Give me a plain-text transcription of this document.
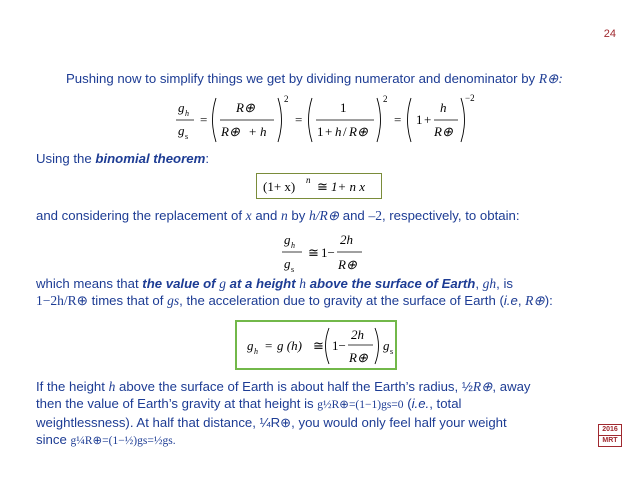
24
Pushing now to simplify things we get by dividing numerator and denominator by R⊕:
g h
g s
=
R⊕
R⊕ + h
2
=
1
1 + h / R⊕
2
= 1 +
h
R⊕
−2
Using the binomial theorem:
(1+ x) n ≅ 1+ n x
and considering the replacement of x and n by h/R⊕ and –2, respectively, to obtain:
g h
g s
≅ 1−
2h
R⊕
which means that the value of g at a height h above the surface of Earth, gh, is
1−2h/R⊕ times that of gs, the acceleration due to gravity at the surface of Earth (i.e, R⊕):
g h = g (h) ≅ 1−
2h
R⊕
g s
If the height h above the surface of Earth is about half the Earth’s radius, ½R⊕, away
then the value of Earth’s gravity at that height is g½R⊕=(1−1)gs=0 (i.e., total
weightlessness). At half that distance, ¼R⊕, you would only feel half your weight
since g¼R⊕=(1−½)gs=½gs.
2016
MRT
